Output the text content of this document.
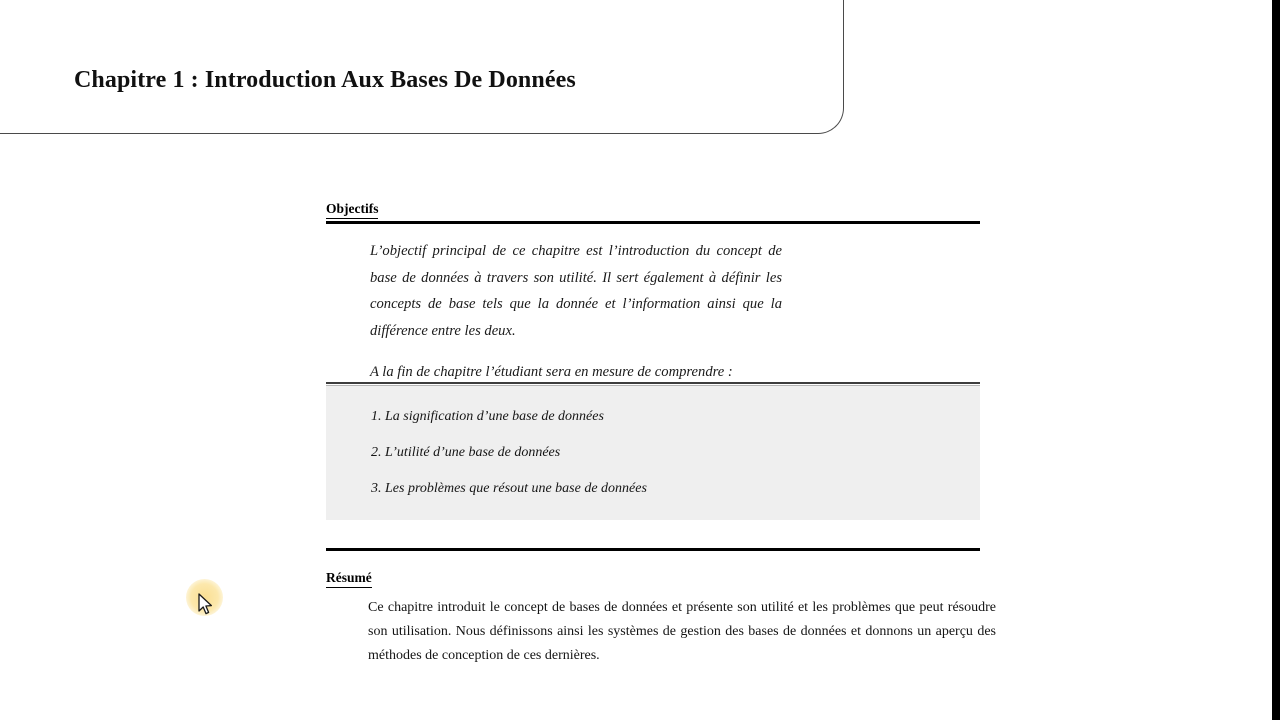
Chapitre 1 : Introduction Aux Bases De Données
Objectifs

L’objectif principal de ce chapitre est l’introduction du concept de base de données à travers son utilité. Il sert également à définir les concepts de base tels que la donnée et l’information ainsi que la différence entre les deux.

A la fin de chapitre l’étudiant sera en mesure de comprendre :

1. La signification d’une base de données
2. L’utilité d’une base de données
3. Les problèmes que résout une base de données
Résumé

Ce chapitre introduit le concept de bases de données et présente son utilité et les problèmes que peut résoudre son utilisation. Nous définissons ainsi les systèmes de gestion des bases de données et donnons un aperçu des méthodes de conception de ces dernières.
